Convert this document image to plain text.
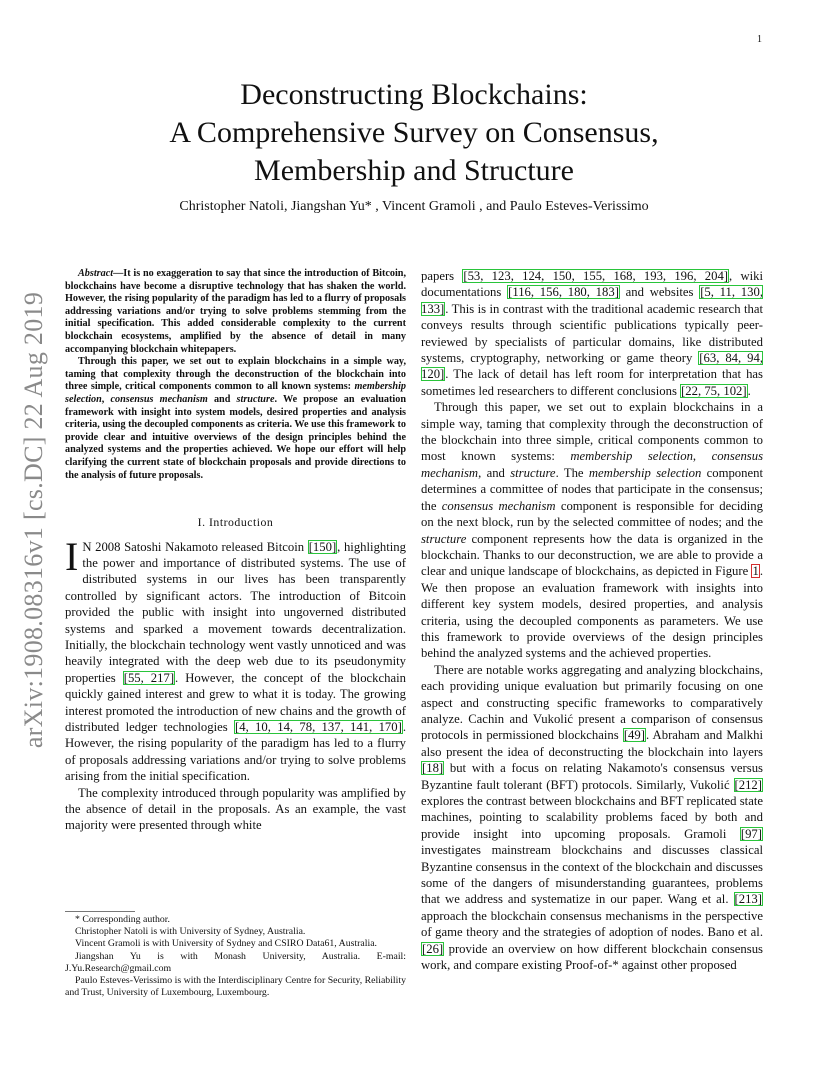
1
arXiv:1908.08316v1 [cs.DC] 22 Aug 2019
Deconstructing Blockchains:
A Comprehensive Survey on Consensus,
Membership and Structure
Christopher Natoli, Jiangshan Yu* , Vincent Gramoli , and Paulo Esteves-Verissimo

Abstract—It is no exaggeration to say that since the introduction of Bitcoin, blockchains have become a disruptive technology that has shaken the world. However, the rising popularity of the paradigm has led to a flurry of proposals addressing variations and/or trying to solve problems stemming from the initial specification. This added considerable complexity to the current blockchain ecosystems, amplified by the absence of detail in many accompanying blockchain whitepapers.

Through this paper, we set out to explain blockchains in a simple way, taming that complexity through the deconstruction of the blockchain into three simple, critical components common to all known systems: membership selection, consensus mechanism and structure. We propose an evaluation framework with insight into system models, desired properties and analysis criteria, using the decoupled components as criteria. We use this framework to provide clear and intuitive overviews of the design principles behind the analyzed systems and the properties achieved. We hope our effort will help clarifying the current state of blockchain proposals and provide directions to the analysis of future proposals.

I. Introduction

I N 2008 Satoshi Nakamoto released Bitcoin [150], highlighting the power and importance of distributed systems. The use of distributed systems in our lives has been transparently controlled by significant actors. The introduction of Bitcoin provided the public with insight into ungoverned distributed systems and sparked a movement towards decentralization. Initially, the blockchain technology went vastly unnoticed and was heavily integrated with the deep web due to its pseudonymity properties [55, 217]. However, the concept of the blockchain quickly gained interest and grew to what it is today. The growing interest promoted the introduction of new chains and the growth of distributed ledger technologies [4, 10, 14, 78, 137, 141, 170]. However, the rising popularity of the paradigm has led to a flurry of proposals addressing variations and/or trying to solve problems arising from the initial specification.

The complexity introduced through popularity was amplified by the absence of detail in the proposals. As an example, the vast majority were presented through white

* Corresponding author.

Christopher Natoli is with University of Sydney, Australia.

Vincent Gramoli is with University of Sydney and CSIRO Data61, Australia.

Jiangshan Yu is with Monash University, Australia. E-mail: J.Yu.Research@gmail.com

Paulo Esteves-Verissimo is with the Interdisciplinary Centre for Security, Reliability and Trust, University of Luxembourg, Luxembourg.

papers [53, 123, 124, 150, 155, 168, 193, 196, 204], wiki documentations [116, 156, 180, 183] and websites [5, 11, 130, 133]. This is in contrast with the traditional academic research that conveys results through scientific publications typically peer-reviewed by specialists of particular domains, like distributed systems, cryptography, networking or game theory [63, 84, 94, 120]. The lack of detail has left room for interpretation that has sometimes led researchers to different conclusions [22, 75, 102].

Through this paper, we set out to explain blockchains in a simple way, taming that complexity through the deconstruction of the blockchain into three simple, critical components common to most known systems: membership selection, consensus mechanism, and structure. The membership selection component determines a committee of nodes that participate in the consensus; the consensus mechanism component is responsible for deciding on the next block, run by the selected committee of nodes; and the structure component represents how the data is organized in the blockchain. Thanks to our deconstruction, we are able to provide a clear and unique landscape of blockchains, as depicted in Figure 1. We then propose an evaluation framework with insights into different key system models, desired properties, and analysis criteria, using the decoupled components as parameters. We use this framework to provide overviews of the design principles behind the analyzed systems and the achieved properties.

There are notable works aggregating and analyzing blockchains, each providing unique evaluation but primarily focusing on one aspect and constructing specific frameworks to comparatively analyze. Cachin and Vukolić present a comparison of consensus protocols in permissioned blockchains [49]. Abraham and Malkhi also present the idea of deconstructing the blockchain into layers [18] but with a focus on relating Nakamoto's consensus versus Byzantine fault tolerant (BFT) protocols. Similarly, Vukolić [212] explores the contrast between blockchains and BFT replicated state machines, pointing to scalability problems faced by both and provide insight into upcoming proposals. Gramoli [97] investigates mainstream blockchains and discusses classical Byzantine consensus in the context of the blockchain and discusses some of the dangers of misunderstanding guarantees, problems that we address and systematize in our paper. Wang et al. [213] approach the blockchain consensus mechanisms in the perspective of game theory and the strategies of adoption of nodes. Bano et al. [26] provide an overview on how different blockchain consensus work, and compare existing Proof-of-* against other proposed
